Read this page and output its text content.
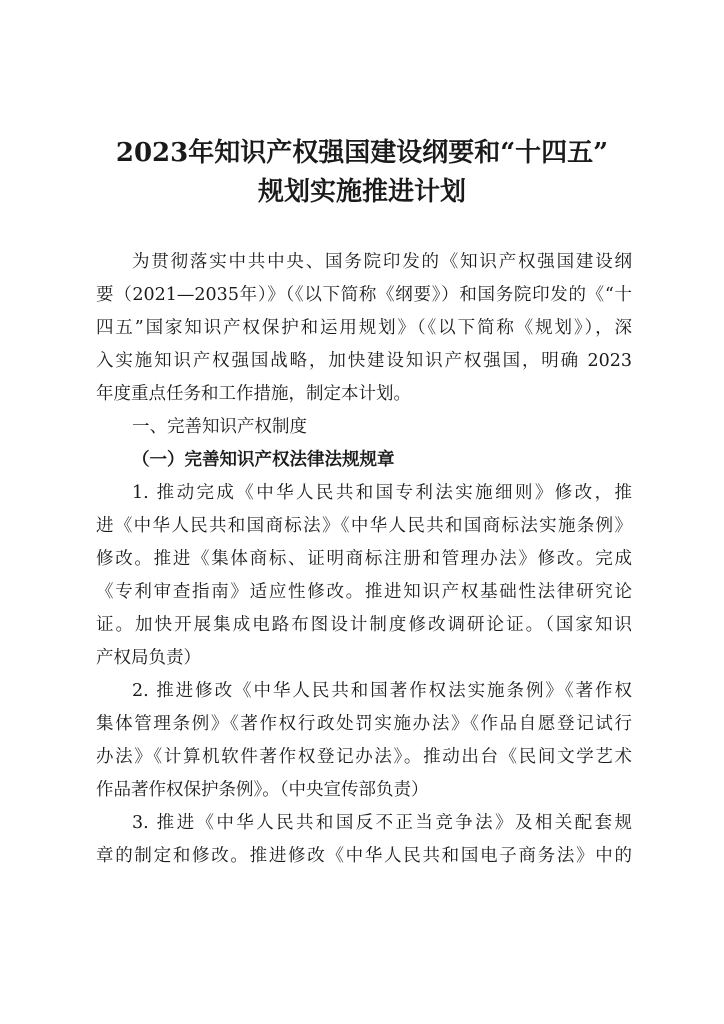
2023年知识产权强国建设纲要和“十四五”
规划实施推进计划
为贯彻落实中共中央、国务院印发的《知识产权强国建设纲
要（2021—2035年）》（《以下简称《纲要》）和国务院印发的《“十
四五”国家知识产权保护和运用规划》（《以下简称《规划》），深
入实施知识产权强国战略，加快建设知识产权强国，明确 2023
年度重点任务和工作措施，制定本计划。
一、完善知识产权制度
（一）完善知识产权法律法规规章
1. 推动完成《中华人民共和国专利法实施细则》修改，推
进《中华人民共和国商标法》《中华人民共和国商标法实施条例》
修改。推进《集体商标、证明商标注册和管理办法》修改。完成
《专利审查指南》适应性修改。推进知识产权基础性法律研究论
证。加快开展集成电路布图设计制度修改调研论证。（国家知识
产权局负责）
2. 推进修改《中华人民共和国著作权法实施条例》《著作权
集体管理条例》《著作权行政处罚实施办法》《作品自愿登记试行
办法》《计算机软件著作权登记办法》。推动出台《民间文学艺术
作品著作权保护条例》。（中央宣传部负责）
3. 推进《中华人民共和国反不正当竞争法》及相关配套规
章的制定和修改。推进修改《中华人民共和国电子商务法》中的
